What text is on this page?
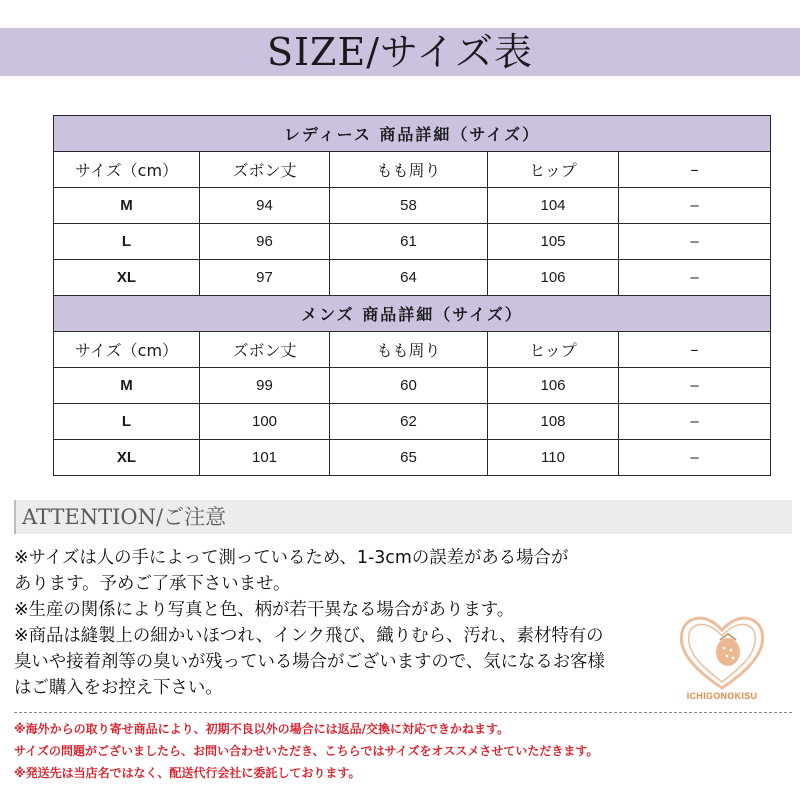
SIZE/サイズ表
レディース 商品詳細（サイズ）				
サイズ（cm）	ズボン丈	もも周り	ヒップ	–
M	94	58	104	–
L	96	61	105	–
XL	97	64	106	–
メンズ 商品詳細（サイズ）				
サイズ（cm）	ズボン丈	もも周り	ヒップ	–
M	99	60	106	–
L	100	62	108	–
XL	101	65	110	–
ATTENTION/ご注意

※サイズは人の手によって測っているため、1-3cmの誤差がある場合が

あります。予めご了承下さいませ。

※生産の関係により写真と色、柄が若干異なる場合があります。

※商品は縫製上の細かいほつれ、インク飛び、織りむら、汚れ、素材特有の

臭いや接着剤等の臭いが残っている場合がございますので、気になるお客様

はご購入をお控え下さい。

※海外からの取り寄せ商品により、初期不良以外の場合には返品/交換に対応できかねます。

サイズの問題がございましたら、お問い合わせいただき、こちらではサイズをオススメさせていただきます。

※発送先は当店名ではなく、配送代行会社に委託しております。

ICHIGONOKISU
